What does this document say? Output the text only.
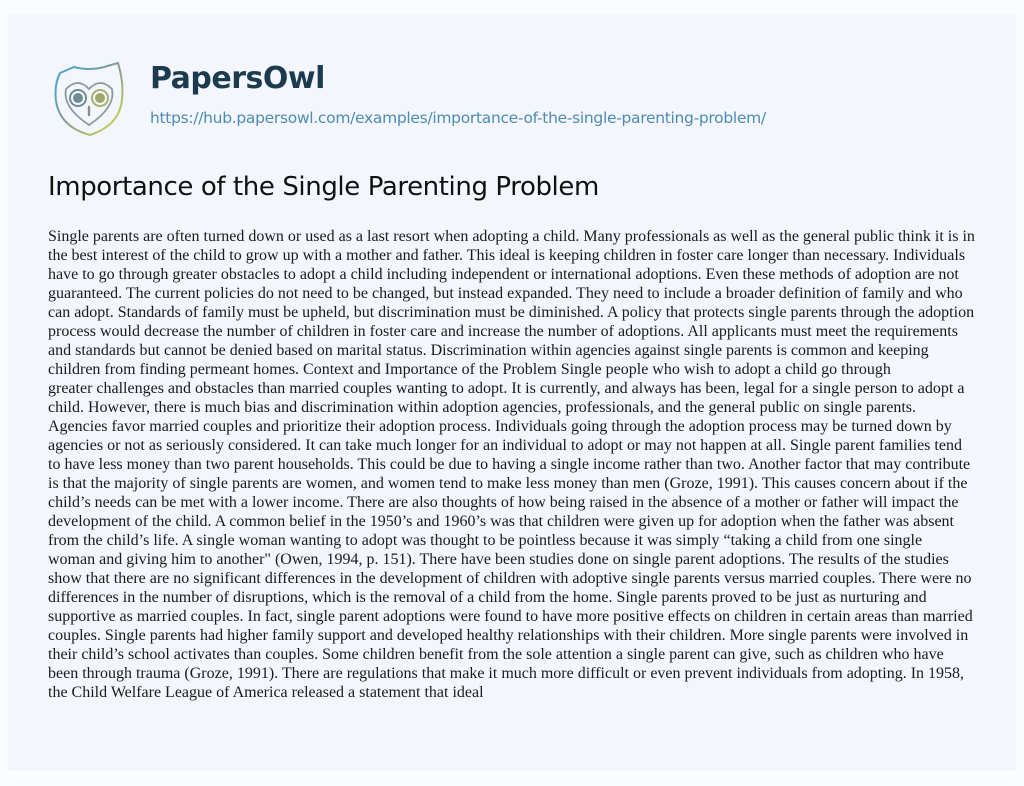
PapersOwl
https://hub.papersowl.com/examples/importance-of-the-single-parenting-problem/
Importance of the Single Parenting Problem
Single parents are often turned down or used as a last resort when adopting a child. Many professionals as well as the general public think it is in
the best interest of the child to grow up with a mother and father. This ideal is keeping children in foster care longer than necessary. Individuals
have to go through greater obstacles to adopt a child including independent or international adoptions. Even these methods of adoption are not
guaranteed. The current policies do not need to be changed, but instead expanded. They need to include a broader definition of family and who
can adopt. Standards of family must be upheld, but discrimination must be diminished. A policy that protects single parents through the adoption
process would decrease the number of children in foster care and increase the number of adoptions. All applicants must meet the requirements
and standards but cannot be denied based on marital status. Discrimination within agencies against single parents is common and keeping
children from finding permeant homes. Context and Importance of the Problem Single people who wish to adopt a child go through
greater challenges and obstacles than married couples wanting to adopt. It is currently, and always has been, legal for a single person to adopt a
child. However, there is much bias and discrimination within adoption agencies, professionals, and the general public on single parents.
Agencies favor married couples and prioritize their adoption process. Individuals going through the adoption process may be turned down by
agencies or not as seriously considered. It can take much longer for an individual to adopt or may not happen at all. Single parent families tend
to have less money than two parent households. This could be due to having a single income rather than two. Another factor that may contribute
is that the majority of single parents are women, and women tend to make less money than men (Groze, 1991). This causes concern about if the
child’s needs can be met with a lower income. There are also thoughts of how being raised in the absence of a mother or father will impact the
development of the child. A common belief in the 1950’s and 1960’s was that children were given up for adoption when the father was absent
from the child’s life. A single woman wanting to adopt was thought to be pointless because it was simply “taking a child from one single
woman and giving him to another" (Owen, 1994, p. 151). There have been studies done on single parent adoptions. The results of the studies
show that there are no significant differences in the development of children with adoptive single parents versus married couples. There were no
differences in the number of disruptions, which is the removal of a child from the home. Single parents proved to be just as nurturing and
supportive as married couples. In fact, single parent adoptions were found to have more positive effects on children in certain areas than married
couples. Single parents had higher family support and developed healthy relationships with their children. More single parents were involved in
their child’s school activates than couples. Some children benefit from the sole attention a single parent can give, such as children who have
been through trauma (Groze, 1991). There are regulations that make it much more difficult or even prevent individuals from adopting. In 1958,
the Child Welfare League of America released a statement that ideal
